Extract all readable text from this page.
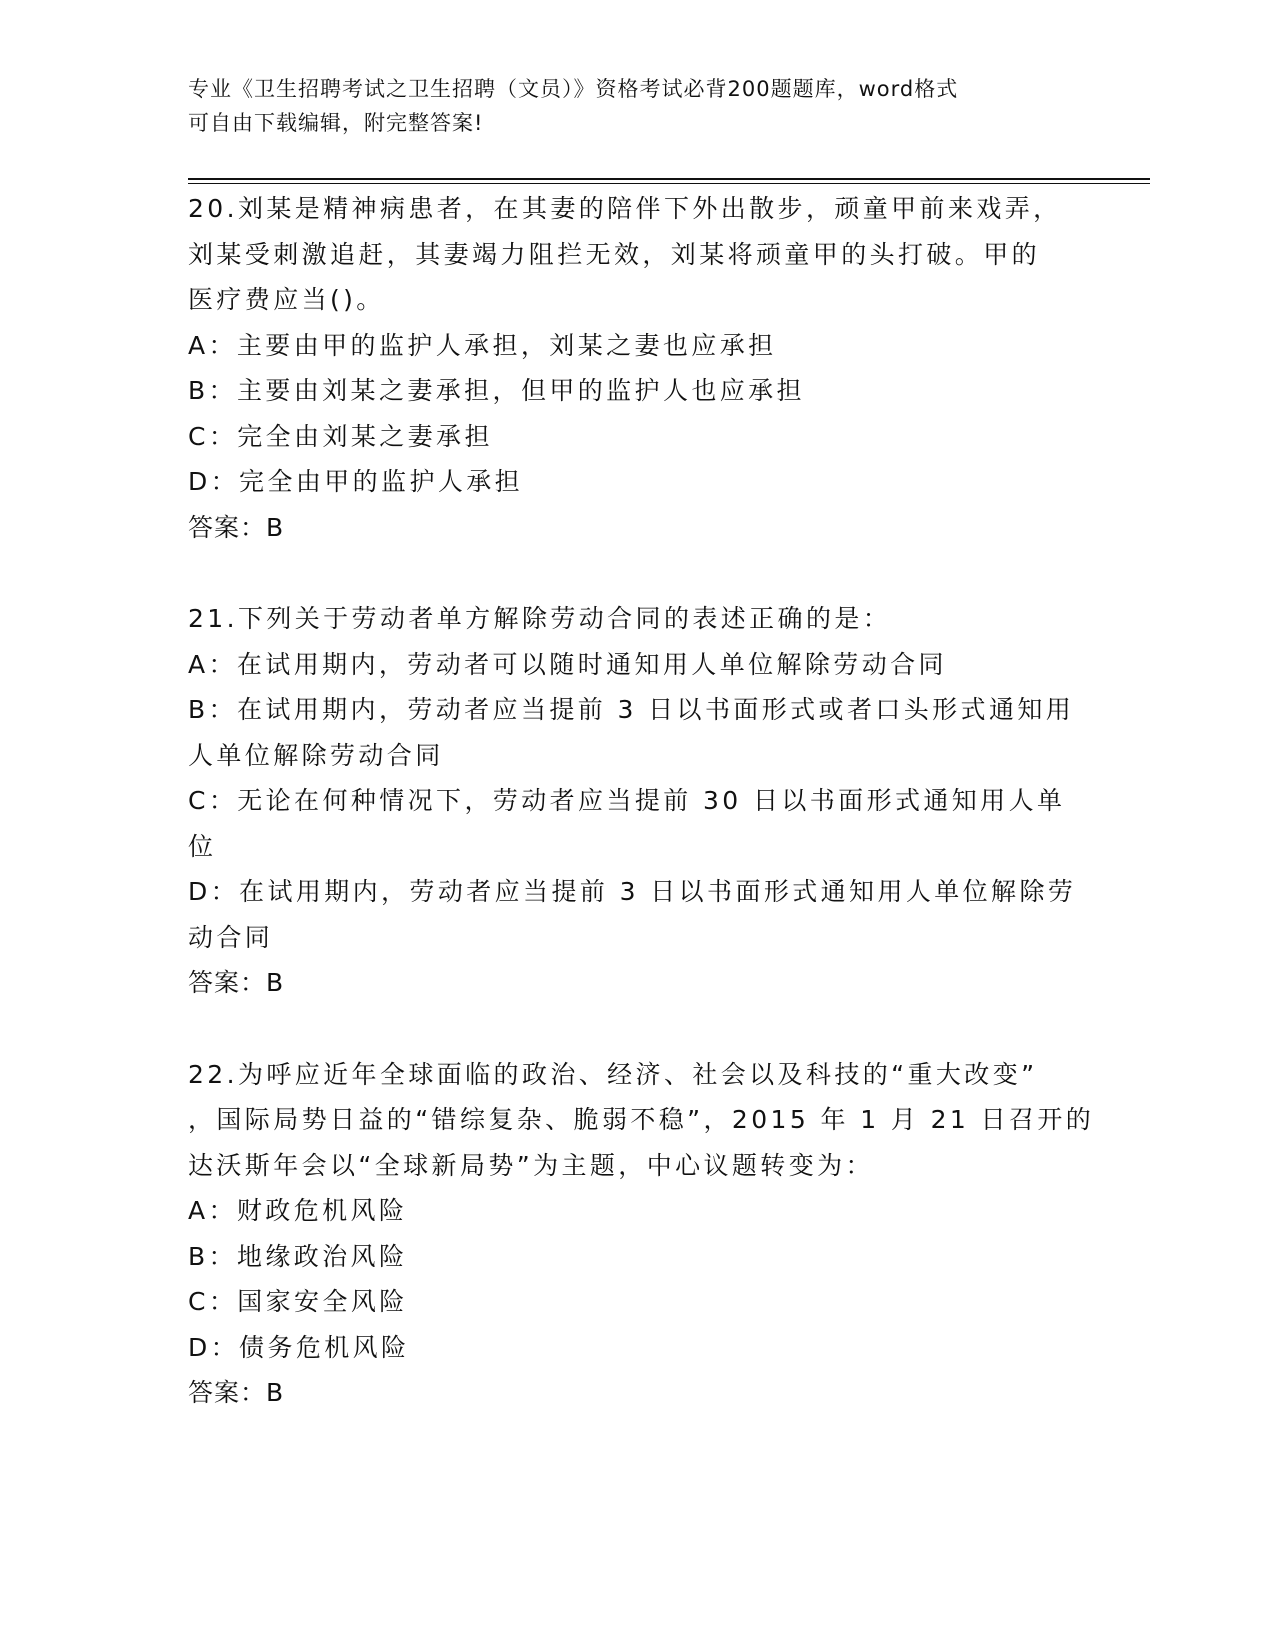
专业《卫生招聘考试之卫生招聘（文员）》资格考试必背200题题库，word格式
可自由下载编辑，附完整答案!
20.刘某是精神病患者，在其妻的陪伴下外出散步，顽童甲前来戏弄，
刘某受刺激追赶，其妻竭力阻拦无效，刘某将顽童甲的头打破。甲的
医疗费应当()。
A：主要由甲的监护人承担，刘某之妻也应承担
B：主要由刘某之妻承担，但甲的监护人也应承担
C：完全由刘某之妻承担
D：完全由甲的监护人承担
答案：B
21.下列关于劳动者单方解除劳动合同的表述正确的是：
A：在试用期内，劳动者可以随时通知用人单位解除劳动合同
B：在试用期内，劳动者应当提前 3 日以书面形式或者口头形式通知用
人单位解除劳动合同
C：无论在何种情况下，劳动者应当提前 30 日以书面形式通知用人单
位
D：在试用期内，劳动者应当提前 3 日以书面形式通知用人单位解除劳
动合同
答案：B
22.为呼应近年全球面临的政治、经济、社会以及科技的“重大改变”
，国际局势日益的“错综复杂、脆弱不稳”，2015 年 1 月 21 日召开的
达沃斯年会以“全球新局势”为主题，中心议题转变为：
A：财政危机风险
B：地缘政治风险
C：国家安全风险
D：债务危机风险
答案：B
